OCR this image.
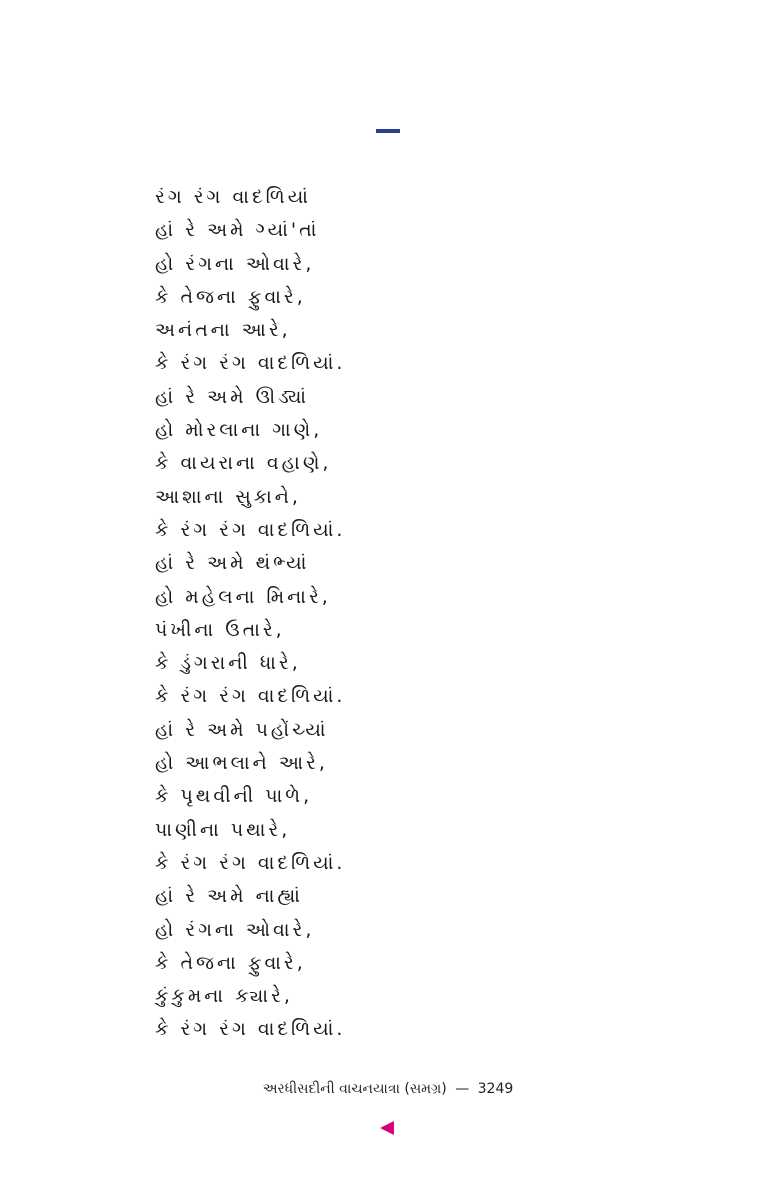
રંગ રંગ વાદળિયાં
હાં રે અમે ગ્યાં'તાં
હો રંગના ઓવારે,
કે તેજના ફુવારે,
અનંતના આરે,
કે રંગ રંગ વાદળિયાં.
હાં રે અમે ઊડ્યાં
હો મોરલાના ગાણે,
કે વાયરાના વહાણે,
આશાના સુકાને,
કે રંગ રંગ વાદળિયાં.
હાં રે અમે થંભ્યાં
હો મહેલના મિનારે,
પંખીના ઉતારે,
કે ડુંગરાની ધારે,
કે રંગ રંગ વાદળિયાં.
હાં રે અમે પહોંચ્યાં
હો આભલાને આરે,
કે પૃથવીની પાળે,
પાણીના પથારે,
કે રંગ રંગ વાદળિયાં.
હાં રે અમે નાહ્યાં
હો રંગના ઓવારે,
કે તેજના ફુવારે,
કુંકુમના ક્યારે,
કે રંગ રંગ વાદળિયાં.
અરધીસદીની વાચનયાત્રા (સમગ્ર) — 3249
